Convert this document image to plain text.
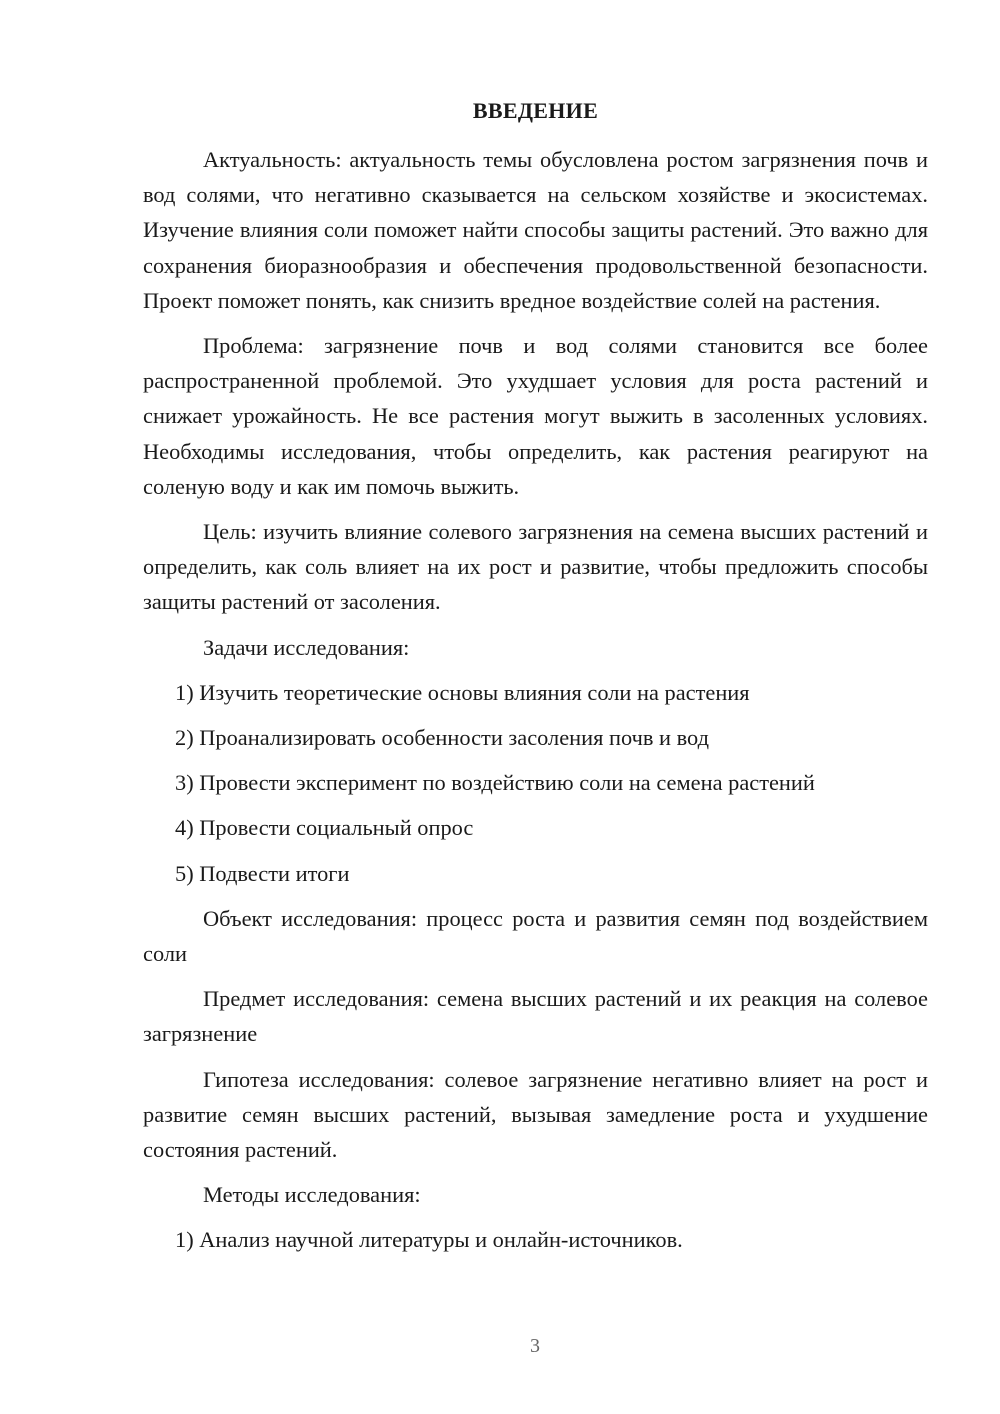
ВВЕДЕНИЕ

Актуальность: актуальность темы обусловлена ростом загрязнения почв и вод солями, что негативно сказывается на сельском хозяйстве и экосистемах. Изучение влияния соли поможет найти способы защиты растений. Это важно для сохранения биоразнообразия и обеспечения продовольственной безопасности. Проект поможет понять, как снизить вредное воздействие солей на растения.

Проблема: загрязнение почв и вод солями становится все более распространенной проблемой. Это ухудшает условия для роста растений и снижает урожайность. Не все растения могут выжить в засоленных условиях. Необходимы исследования, чтобы определить, как растения реагируют на соленую воду и как им помочь выжить.

Цель: изучить влияние солевого загрязнения на семена высших растений и определить, как соль влияет на их рост и развитие, чтобы предложить способы защиты растений от засоления.

Задачи исследования:

1) Изучить теоретические основы влияния соли на растения

2) Проанализировать особенности засоления почв и вод

3) Провести эксперимент по воздействию соли на семена растений

4) Провести социальный опрос

5) Подвести итоги

Объект исследования: процесс роста и развития семян под воздействием соли

Предмет исследования: семена высших растений и их реакция на солевое загрязнение

Гипотеза исследования: солевое загрязнение негативно влияет на рост и развитие семян высших растений, вызывая замедление роста и ухудшение состояния растений.

Методы исследования:

1) Анализ научной литературы и онлайн-источников.

3
